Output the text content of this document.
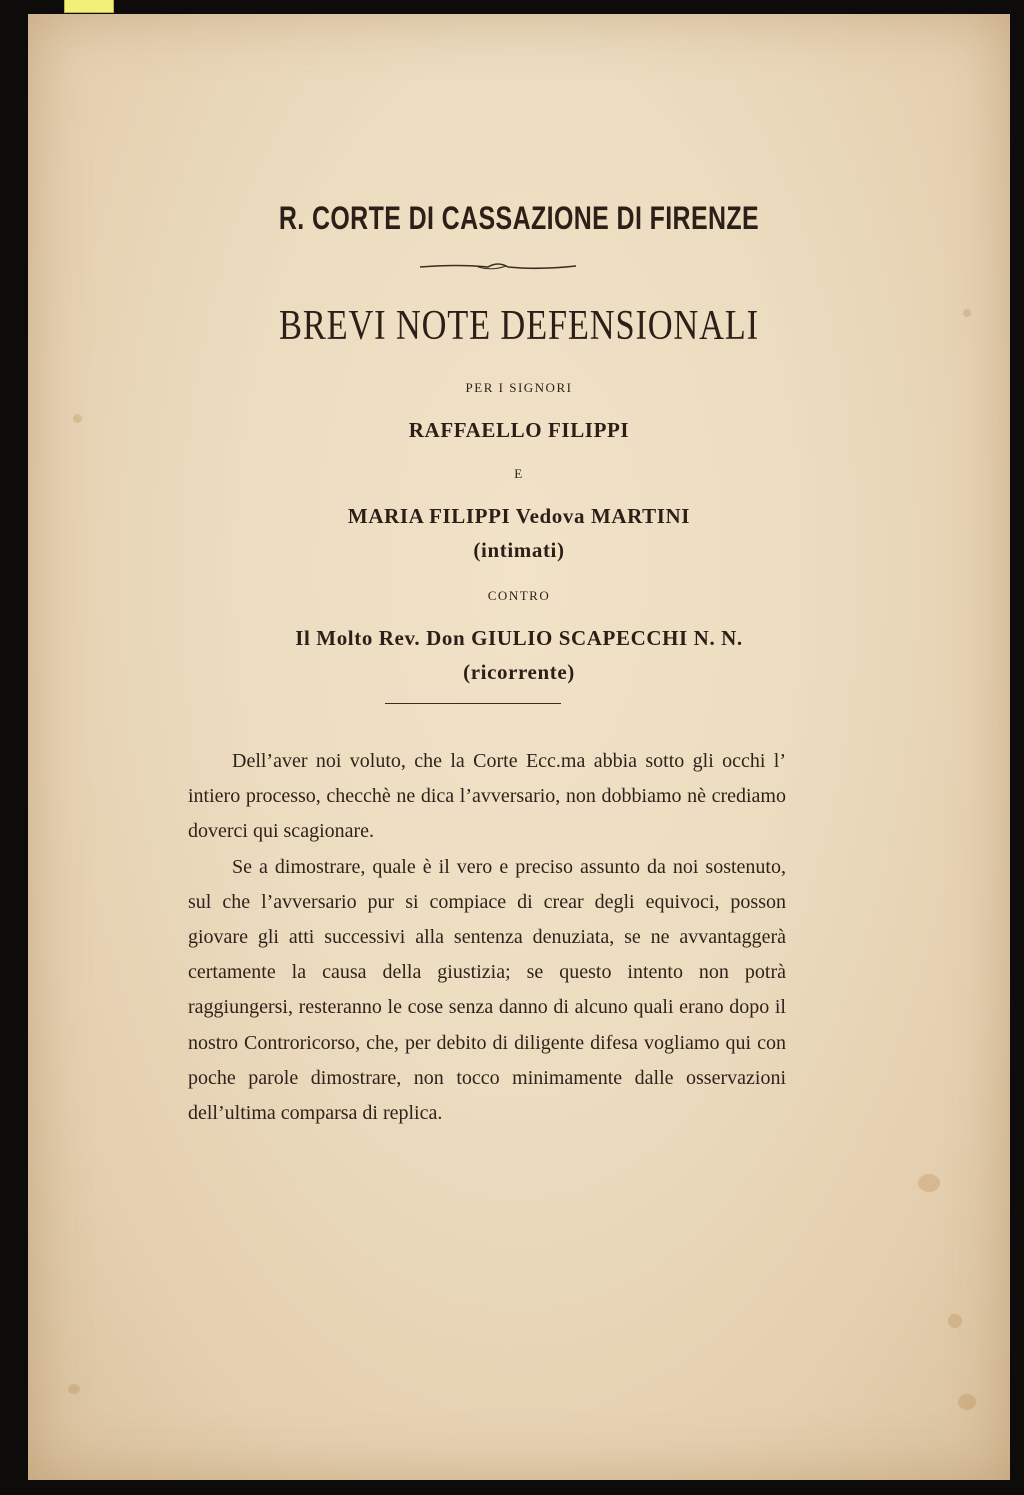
R. CORTE DI CASSAZIONE DI FIRENZE
BREVI NOTE DEFENSIONALI
PER I SIGNORI
RAFFAELLO FILIPPI
E
MARIA FILIPPI Vedova MARTINI
(intimati)
CONTRO
Il Molto Rev. Don GIULIO SCAPECCHI N. N.
(ricorrente)

Dell’aver noi voluto, che la Corte Ecc.ma abbia sotto gli occhi l’ intiero processo, checchè ne dica l’avversario, non dobbiamo nè crediamo doverci qui scagionare.

Se a dimostrare, quale è il vero e preciso assunto da noi sostenuto, sul che l’avversario pur si compiace di crear degli equivoci, posson giovare gli atti successivi alla sentenza denuziata, se ne avvantaggerà certamente la causa della giustizia; se questo intento non potrà raggiungersi, resteranno le cose senza danno di alcuno quali erano dopo il nostro Controricorso, che, per debito di diligente difesa vogliamo qui con poche parole dimostrare, non tocco minimamente dalle osservazioni dell’ultima comparsa di replica.
